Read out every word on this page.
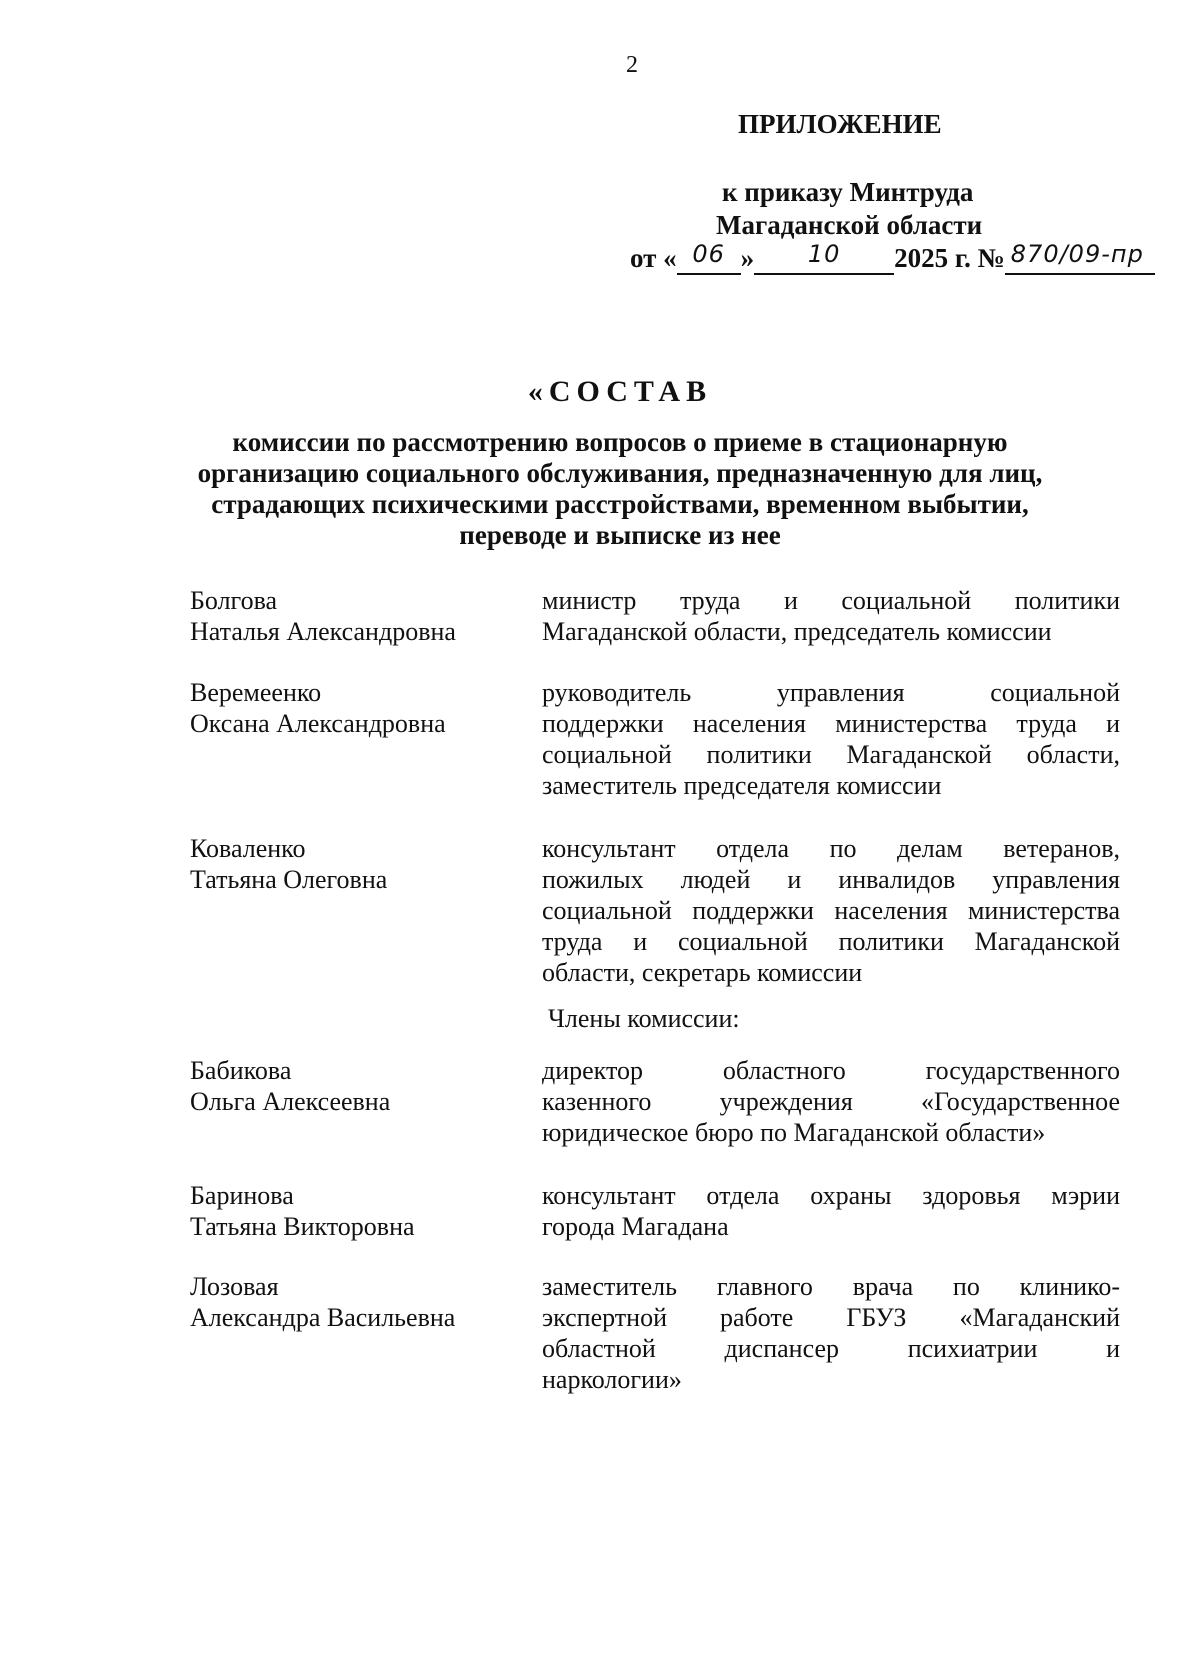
2
ПРИЛОЖЕНИЕ
к приказу Минтруда
Магаданской области
от « 06 »	10	2025 г. № 870/09-пр
«СОСТАВ
комиссии по рассмотрению вопросов о приеме в стационарную
организацию социального обслуживания, предназначенную для лиц,
страдающих психическими расстройствами, временном выбытии,
переводе и выписке из нее
Болгова
Наталья Александровна
министр труда и социальной политики
Магаданской области, председатель комиссии
Веремеенко
Оксана Александровна
руководитель управления социальной
поддержки населения министерства труда и
социальной политики Магаданской области,
заместитель председателя комиссии
Коваленко
Татьяна Олеговна
консультант отдела по делам ветеранов,
пожилых людей и инвалидов управления
социальной поддержки населения министерства
труда и социальной политики Магаданской
области, секретарь комиссии
Члены комиссии:
Бабикова
Ольга Алексеевна
директор областного государственного
казенного учреждения «Государственное
юридическое бюро по Магаданской области»
Баринова
Татьяна Викторовна
консультант отдела охраны здоровья мэрии
города Магадана
Лозовая
Александра Васильевна
заместитель главного врача по клинико-
экспертной работе ГБУЗ «Магаданский
областной диспансер психиатрии и
наркологии»
